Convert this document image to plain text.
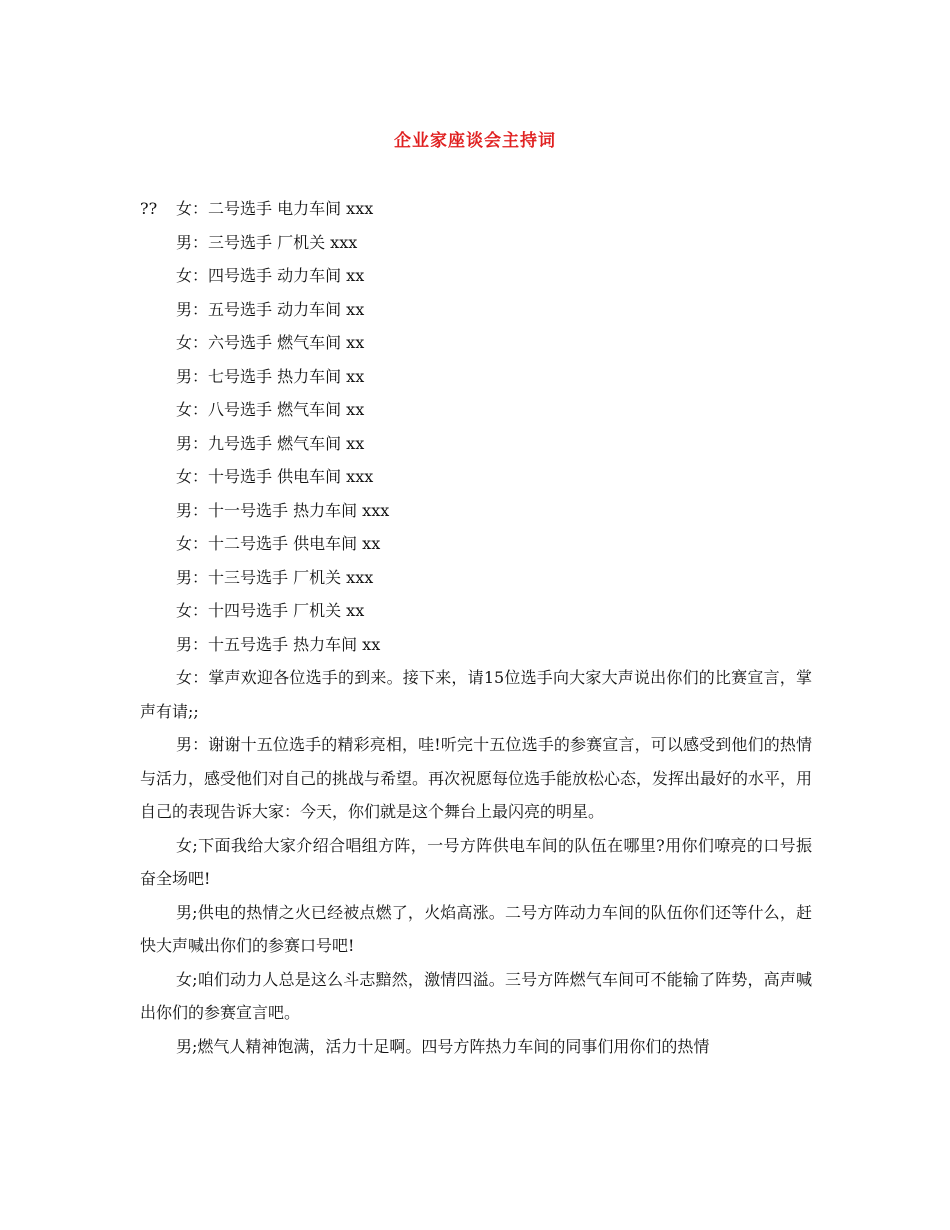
企业家座谈会主持词
?? 女：二号选手 电力车间 xxx
男：三号选手 厂机关 xxx
女：四号选手 动力车间 xx
男：五号选手 动力车间 xx
女：六号选手 燃气车间 xx
男：七号选手 热力车间 xx
女：八号选手 燃气车间 xx
男：九号选手 燃气车间 xx
女：十号选手 供电车间 xxx
男：十一号选手 热力车间 xxx
女：十二号选手 供电车间 xx
男：十三号选手 厂机关 xxx
女：十四号选手 厂机关 xx
男：十五号选手 热力车间 xx

女：掌声欢迎各位选手的到来。接下来，请15位选手向大家大声说出你们的比赛宣言，掌声有请;;

男：谢谢十五位选手的精彩亮相，哇!听完十五位选手的参赛宣言，可以感受到他们的热情与活力，感受他们对自己的挑战与希望。再次祝愿每位选手能放松心态，发挥出最好的水平，用自己的表现告诉大家：今天，你们就是这个舞台上最闪亮的明星。

女;下面我给大家介绍合唱组方阵，一号方阵供电车间的队伍在哪里?用你们嘹亮的口号振奋全场吧!

男;供电的热情之火已经被点燃了，火焰高涨。二号方阵动力车间的队伍你们还等什么，赶快大声喊出你们的参赛口号吧!

女;咱们动力人总是这么斗志黯然，激情四溢。三号方阵燃气车间可不能输了阵势，高声喊出你们的参赛宣言吧。

男;燃气人精神饱满，活力十足啊。四号方阵热力车间的同事们用你们的热情
